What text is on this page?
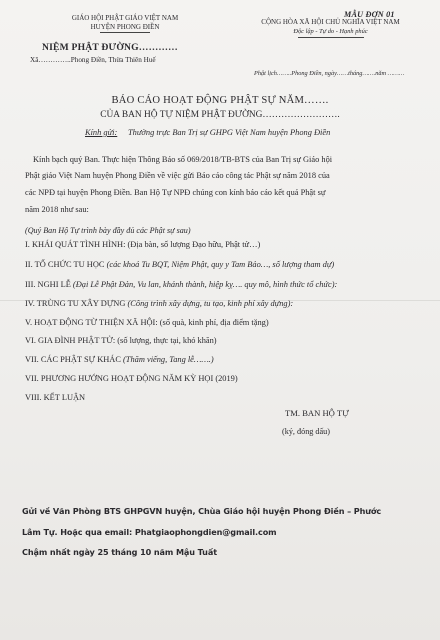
MẪU ĐƠN 01
GIÁO HỘI PHẬT GIÁO VIỆT NAM
HUYỆN PHONG ĐIỀN
CỘNG HÒA XÃ HỘI CHỦ NGHĨA VIỆT NAM
Độc lập - Tự do - Hạnh phúc
NIỆM PHẬT ĐƯỜNG…………
Xã…………..Phong Điền, Thừa Thiên Huế
Phật lịch……..Phong Điền, ngày……tháng…….năm ………
BÁO CÁO HOẠT ĐỘNG PHẬT SỰ NĂM…….
CỦA BAN HỘ TỰ NIỆM PHẬT ĐƯỜNG…………………….
Kính gửi: Thường trực Ban Trị sự GHPG Việt Nam huyện Phong Điền
Kính bạch quý Ban. Thực hiện Thông Báo số 069/2018/TB-BTS của Ban Trị sự Giáo hội
Phật giáo Việt Nam huyện Phong Điền về việc gửi Báo cáo công tác Phật sự năm 2018 của
các NPĐ tại huyện Phong Điền. Ban Hộ Tự NPĐ chúng con kính báo cáo kết quả Phật sự
năm 2018 như sau:
(Quý Ban Hộ Tự trình bày đầy đủ các Phật sự sau)
I. KHÁI QUÁT TÌNH HÌNH: (Địa bàn, số lượng Đạo hữu, Phật tử…)
II. TỔ CHỨC TU HỌC (các khoá Tu BQT, Niệm Phật, quy y Tam Bảo…, số lượng tham dự)
III. NGHI LỄ (Đại Lễ Phật Đản, Vu lan, khánh thành, hiệp kỵ…. quy mô, hình thức tổ chức):
IV. TRÙNG TU XÂY DỰNG (Công trình xây dựng, tu tạo, kinh phí xây dựng):
V. HOẠT ĐỘNG TỪ THIỆN XÃ HỘI: (số quà, kinh phí, địa điểm tặng)
VI. GIA ĐÌNH PHẬT TỬ: (số lượng, thực tại, khó khăn)
VII. CÁC PHẬT SỰ KHÁC (Thăm viếng, Tang lễ…….)
VII. PHƯƠNG HƯỚNG HOẠT ĐỘNG NĂM KỲ HỌI (2019)
VIII. KẾT LUẬN
TM. BAN HỘ TỰ
(ký, đóng dấu)
Gửi về Văn Phòng BTS GHPGVN huyện, Chùa Giáo hội huyện Phong Điền – Phước
Lâm Tự. Hoặc qua email: Phatgiaophongdien@gmail.com
Chậm nhất ngày 25 tháng 10 năm Mậu Tuất
